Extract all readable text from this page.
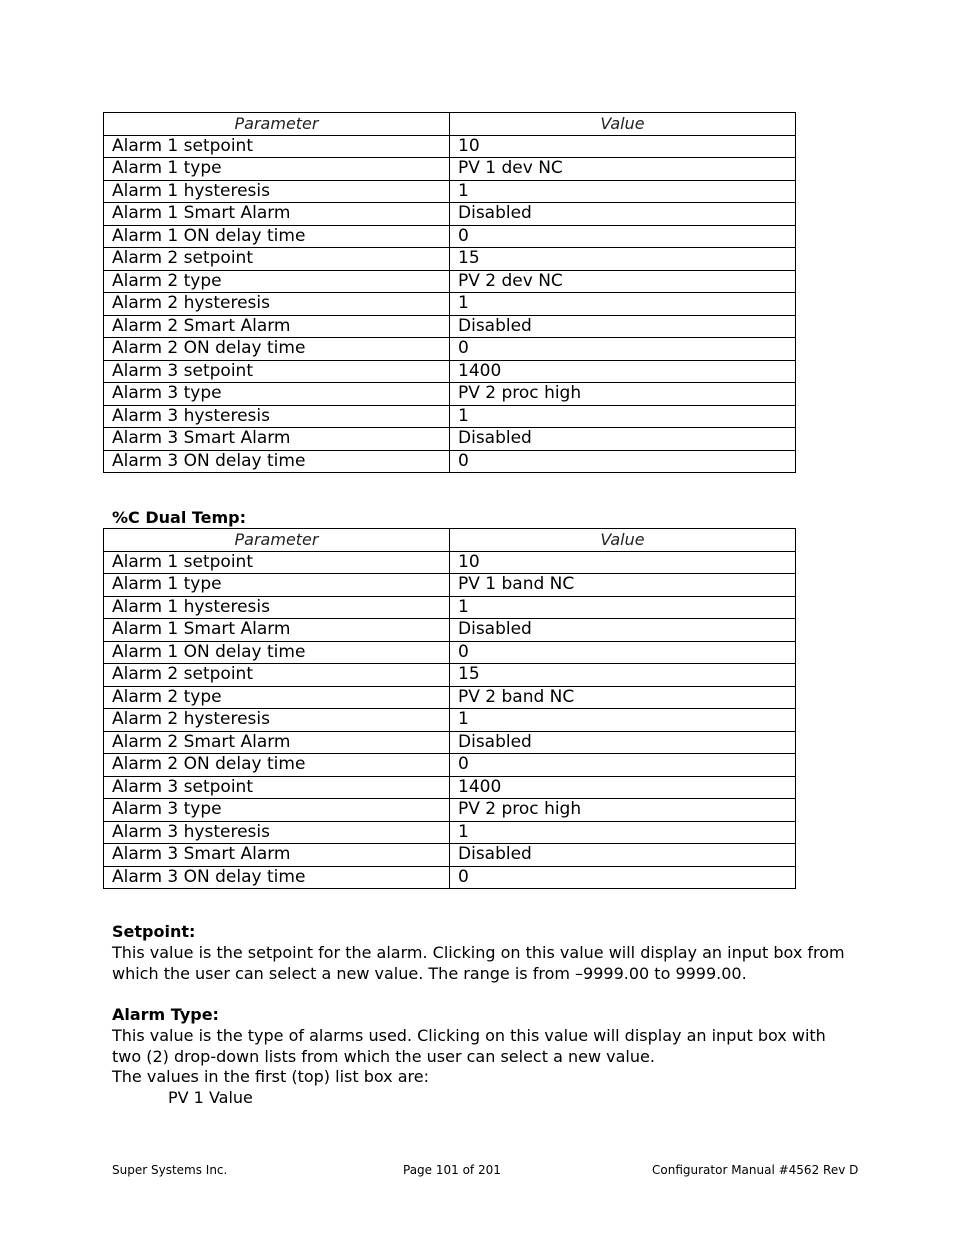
Parameter	Value
Alarm 1 setpoint	10
Alarm 1 type	PV 1 dev NC
Alarm 1 hysteresis	1
Alarm 1 Smart Alarm	Disabled
Alarm 1 ON delay time	0
Alarm 2 setpoint	15
Alarm 2 type	PV 2 dev NC
Alarm 2 hysteresis	1
Alarm 2 Smart Alarm	Disabled
Alarm 2 ON delay time	0
Alarm 3 setpoint	1400
Alarm 3 type	PV 2 proc high
Alarm 3 hysteresis	1
Alarm 3 Smart Alarm	Disabled
Alarm 3 ON delay time	0
%C Dual Temp:
Parameter	Value
Alarm 1 setpoint	10
Alarm 1 type	PV 1 band NC
Alarm 1 hysteresis	1
Alarm 1 Smart Alarm	Disabled
Alarm 1 ON delay time	0
Alarm 2 setpoint	15
Alarm 2 type	PV 2 band NC
Alarm 2 hysteresis	1
Alarm 2 Smart Alarm	Disabled
Alarm 2 ON delay time	0
Alarm 3 setpoint	1400
Alarm 3 type	PV 2 proc high
Alarm 3 hysteresis	1
Alarm 3 Smart Alarm	Disabled
Alarm 3 ON delay time	0
Setpoint:
This value is the setpoint for the alarm. Clicking on this value will display an input box from which the user can select a new value. The range is from –9999.00 to 9999.00.
Alarm Type:
This value is the type of alarms used. Clicking on this value will display an input box with two (2) drop-down lists from which the user can select a new value.
The values in the first (top) list box are:
PV 1 Value
Super Systems Inc.	Page 101 of 201	Configurator Manual #4562 Rev D
